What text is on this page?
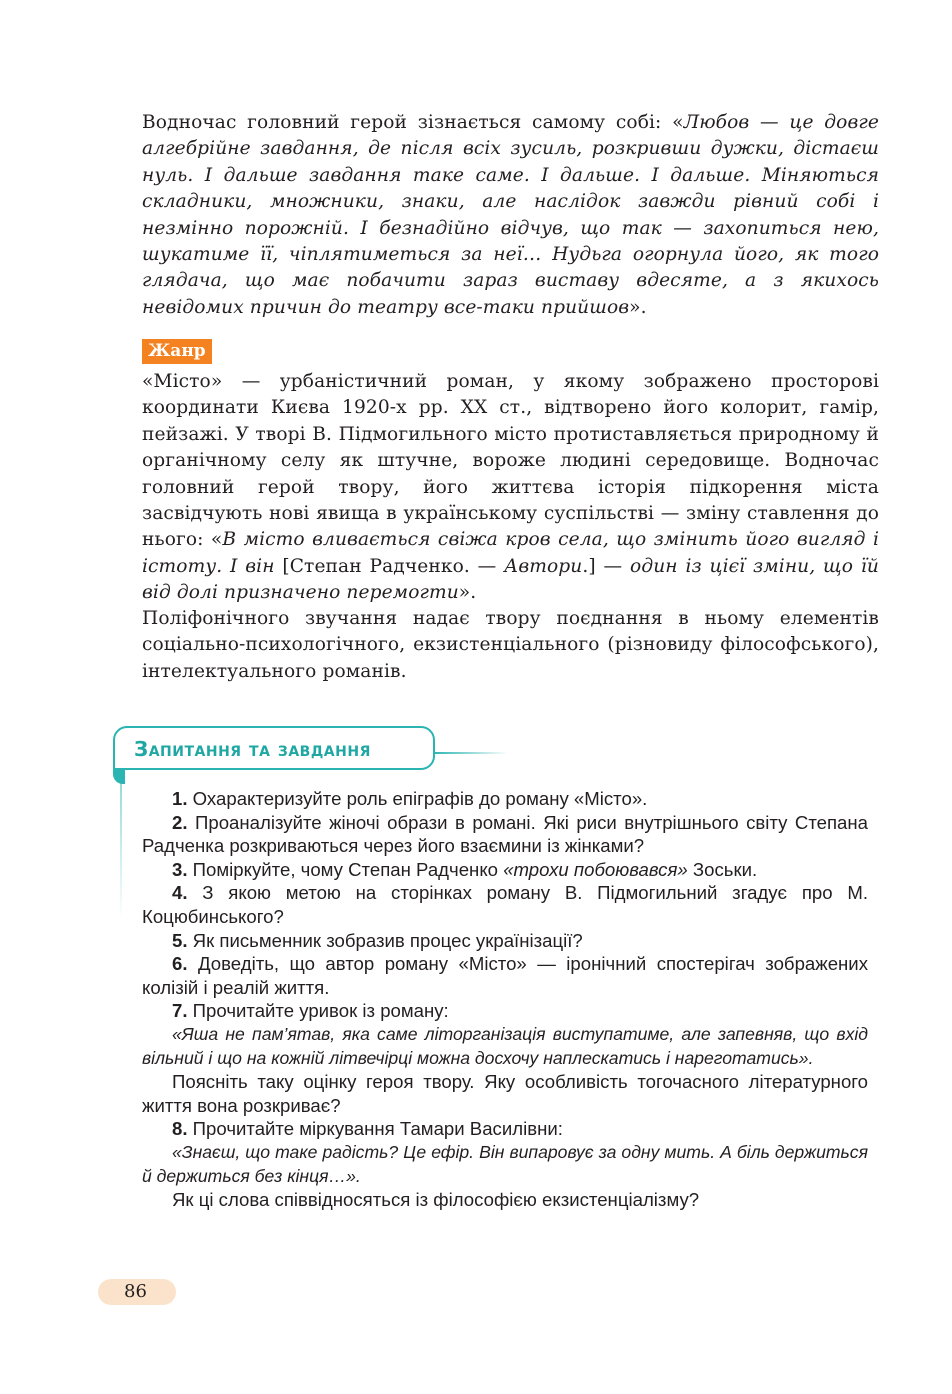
Водночас головний герой зізнається самому собі: «Любов — це довге алгебрійне завдання, де після всіх зусиль, розкривши дужки, дістаєш нуль. І дальше завдання таке саме. І дальше. І дальше. Міняються складники, множники, знаки, але наслідок завжди рівний собі і незмінно порожній. І безнадійно відчув, що так — захопиться нею, шукатиме її, чіплятиметься за неї… Нудьга огорнула його, як того глядача, що має побачити зараз виставу вдесяте, а з якихось невідомих причин до театру все-таки прийшов».

Жанр

«Місто» — урбаністичний роман, у якому зображено просторові координати Києва 1920-х рр. XX ст., відтворено його колорит, гамір, пейзажі. У творі В. Підмогильного місто протиставляється природному й органічному селу як штучне, вороже людині середовище. Водночас головний герой твору, його життєва історія підкорення міста засвідчують нові явища в українському суспільстві — зміну ставлення до нього: «В місто вливається свіжа кров села, що змінить його вигляд і істоту. І він [Степан Радченко. — Автори.] — один із цієї зміни, що їй від долі призначено перемогти».

Поліфонічного звучання надає твору поєднання в ньому елементів соціально-психологічного, екзистенціального (різновиду філософського), інтелектуального романів.

Запитання та завдання

1. Охарактеризуйте роль епіграфів до роману «Місто».

2. Проаналізуйте жіночі образи в романі. Які риси внутрішнього світу Степана Радченка розкриваються через його взаємини із жінками?

3. Поміркуйте, чому Степан Радченко «трохи побоювався» Зоськи.

4. З якою метою на сторінках роману В. Підмогильний згадує про М. Коцюбинського?

5. Як письменник зобразив процес українізації?

6. Доведіть, що автор роману «Місто» — іронічний спостерігач зображених колізій і реалій життя.

7. Прочитайте уривок із роману:

«Яша не пам’ятав, яка саме літорганізація виступатиме, але запевняв, що вхід вільний і що на кожній літвечірці можна досхочу наплескатись і нареготатись».

Поясніть таку оцінку героя твору. Яку особливість тогочасного літературного життя вона розкриває?

8. Прочитайте міркування Тамари Василівни:

«Знаєш, що таке радість? Це ефір. Він випаровує за одну мить. А біль держиться й держиться без кінця…».

Як ці слова співвідносяться із філософією екзистенціалізму?

86
